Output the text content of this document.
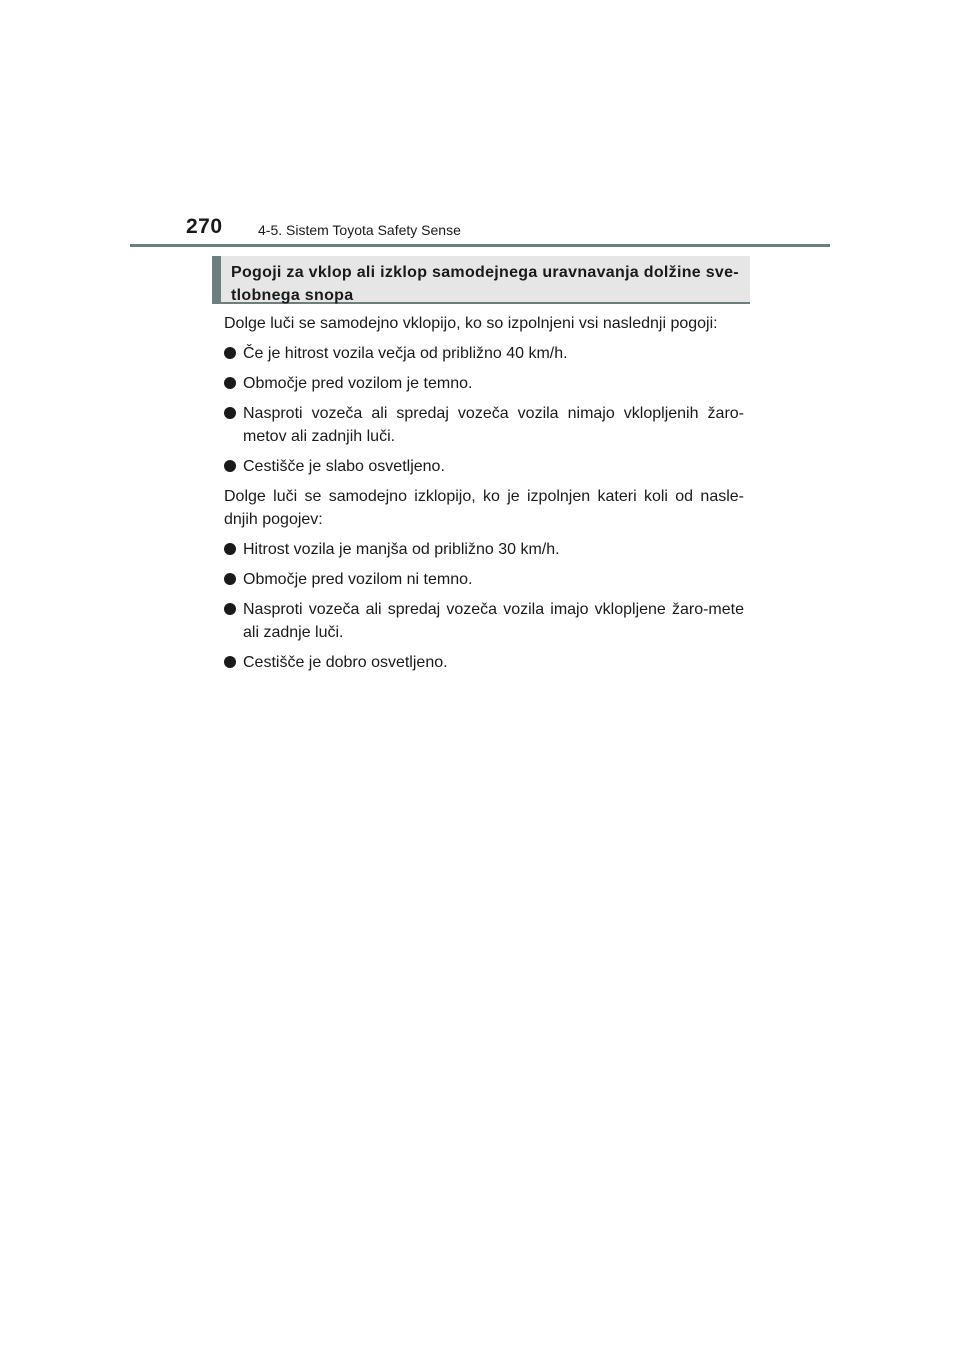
270	4-5. Sistem Toyota Safety Sense
Pogoji za vklop ali izklop samodejnega uravnavanja dolžine sve-tlobnega snopa

Dolge luči se samodejno vklopijo, ko so izpolnjeni vsi naslednji pogoji:

Če je hitrost vozila večja od približno 40 km/h.
Območje pred vozilom je temno.
Nasproti vozeča ali spredaj vozeča vozila nimajo vklopljenih žaro-metov ali zadnjih luči.
Cestišče je slabo osvetljeno.

Dolge luči se samodejno izklopijo, ko je izpolnjen kateri koli od nasle-dnjih pogojev:

Hitrost vozila je manjša od približno 30 km/h.
Območje pred vozilom ni temno.
Nasproti vozeča ali spredaj vozeča vozila imajo vklopljene žaro-mete ali zadnje luči.
Cestišče je dobro osvetljeno.
